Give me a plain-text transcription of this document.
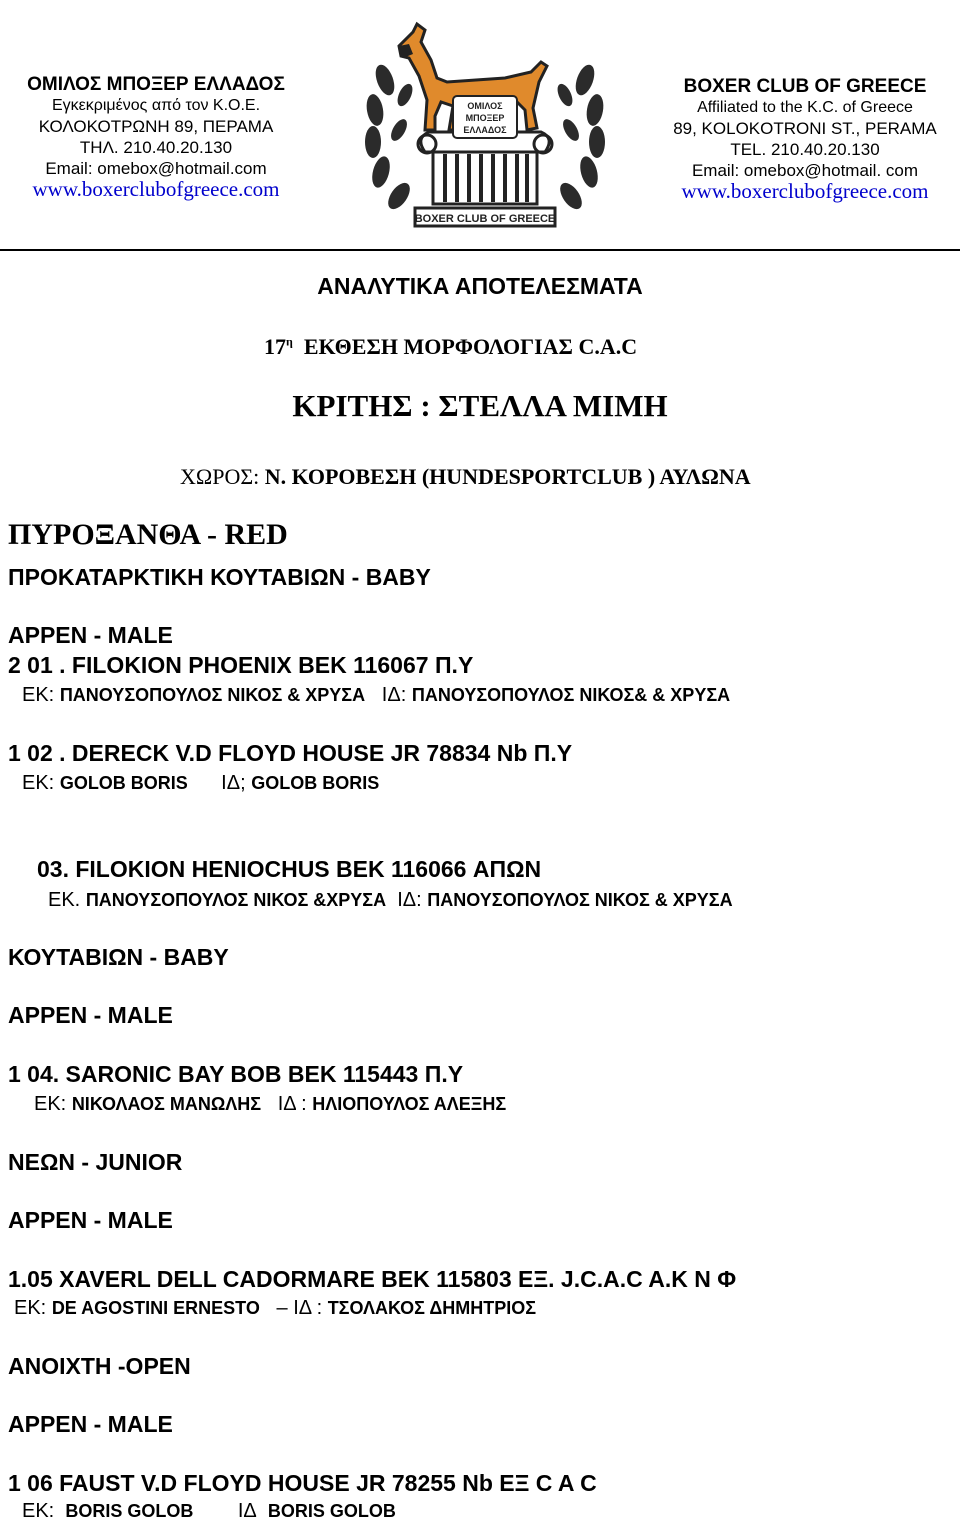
ΟΜΙΛΟΣ ΜΠΟΞΕΡ ΕΛΛΑΔΟΣ
Εγκεκριμένος από τον Κ.Ο.Ε.
ΚΟΛΟΚΟΤΡΩΝΗ 89, ΠΕΡΑΜΑ
ΤΗΛ. 210.40.20.130
Email: omebox@hotmail.com
www.boxerclubofgreece.com
BOXER CLUB OF GREECE
ΟΜΙΛΟΣ
ΜΠΟΞΕΡ
ΕΛΛΑΔΟΣ
BOXER CLUB OF GREECE
Affiliated to the K.C. of Greece
89, KOLOKOTRONI ST., PERAMA
TEL. 210.40.20.130
Email: omebox@hotmail. com
www.boxerclubofgreece.com
ΑΝΑΛΥΤΙΚΑ ΑΠΟΤΕΛΕΣΜΑΤΑ
$17^\eta$ ΕΚΘΕΣΗ ΜΟΡΦΟΛΟΓΙΑΣ C.A.C
ΚΡΙΤΗΣ : ΣΤΕΛΛΑ ΜΙΜΗ
ΧΩΡΟΣ: Ν. ΚΟΡΟΒΕΣΗ (HUNDESPORTCLUB ) ΑΥΛΩΝΑ
ΠΥΡΟΞΑΝΘΑ - RED
ΠΡΟΚΑΤΑΡΚΤΙΚΗ ΚΟΥΤΑΒΙΩΝ - BABY
APPEN - MALE
2 01 . FILOKION PHOENIX BEK 116067 Π.Υ
ΕΚ: ΠΑΝΟΥΣΟΠΟΥΛΟΣ ΝΙΚΟΣ & ΧΡΥΣΑ ΙΔ: ΠΑΝΟΥΣΟΠΟΥΛΟΣ ΝΙΚΟΣ& & ΧΡΥΣΑ
1 02 . DERECK V.D FLOYD HOUSE JR 78834 Nb Π.Υ
ΕΚ: GOLOB BORIS ΙΔ; GOLOB BORIS
03. FILOKION HENIOCHUS BEK 116066 ΑΠΩΝ
ΕΚ. ΠΑΝΟΥΣΟΠΟΥΛΟΣ ΝΙΚΟΣ &ΧΡΥΣΑ ΙΔ: ΠΑΝΟΥΣΟΠΟΥΛΟΣ ΝΙΚΟΣ & ΧΡΥΣΑ
ΚΟΥΤΑΒΙΩΝ - BABY
APPEN - MALE
1 04. SARONIC BAY BOB BEK 115443 Π.Υ
ΕΚ: ΝΙΚΟΛΑΟΣ ΜΑΝΩΛΗΣ ΙΔ : ΗΛΙΟΠΟΥΛΟΣ ΑΛΕΞΗΣ
ΝΕΩΝ - JUNIOR
APPEN - MALE
1.05 XAVERL DELL CADORMARE BEK 115803 ΕΞ. J.C.A.C A.K N Φ
ΕΚ: DE AGOSTINI ERNESTO – ΙΔ : ΤΣΟΛΑΚΟΣ ΔΗΜΗΤΡΙΟΣ
ΑΝΟΙΧΤΗ -OPEN
APPEN - MALE
1 06 FAUST V.D FLOYD HOUSE JR 78255 Nb ΕΞ C A C
ΕΚ: BORIS GOLOB ΙΔ BORIS GOLOB
